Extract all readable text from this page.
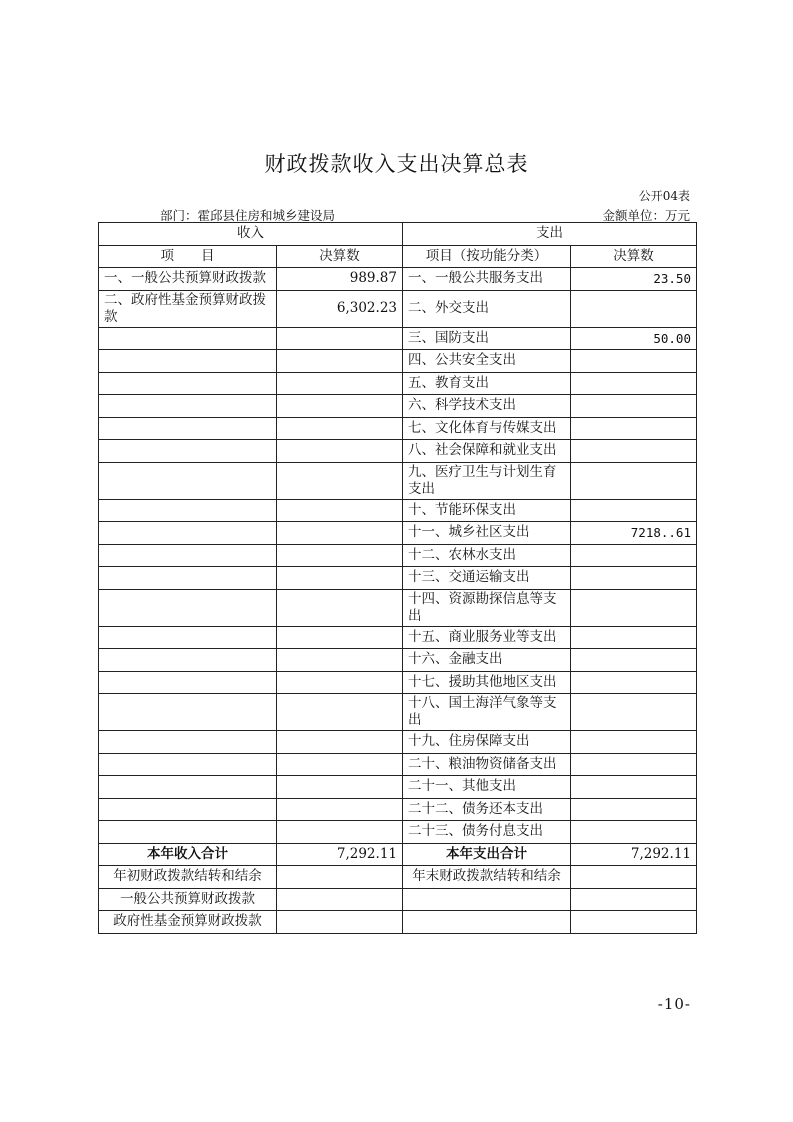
财政拨款收入支出决算总表
公开04表
部门：霍邱县住房和城乡建设局	金额单位：万元
收入		支出	
项　　目	决算数	项目（按功能分类）	决算数
一、一般公共预算财政拨款	989.87	一、一般公共服务支出	23.50
二、政府性基金预算财政拨款	6,302.23	二、外交支出	
		三、国防支出	50.00
		四、公共安全支出	
		五、教育支出	
		六、科学技术支出	
		七、文化体育与传媒支出	
		八、社会保障和就业支出	
		九、医疗卫生与计划生育支出	
		十、节能环保支出	
		十一、城乡社区支出	7218..61
		十二、农林水支出	
		十三、交通运输支出	
		十四、资源勘探信息等支出	
		十五、商业服务业等支出	
		十六、金融支出	
		十七、援助其他地区支出	
		十八、国土海洋气象等支出	
		十九、住房保障支出	
		二十、粮油物资储备支出	
		二十一、其他支出	
		二十二、债务还本支出	
		二十三、债务付息支出	
本年收入合计	7,292.11	本年支出合计	7,292.11
年初财政拨款结转和结余		年末财政拨款结转和结余	
一般公共预算财政拨款			
政府性基金预算财政拨款			
-10-
